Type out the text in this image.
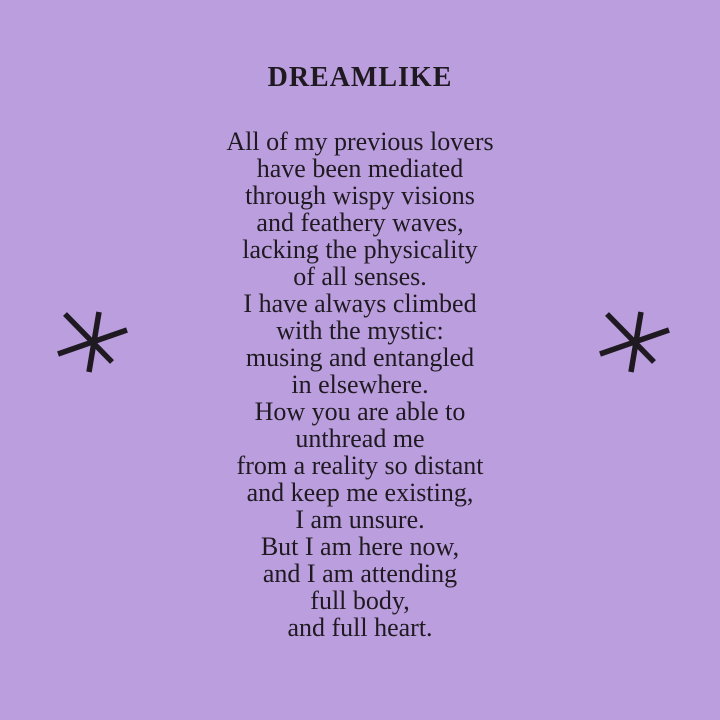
DREAMLIKE
All of my previous lovers
have been mediated
through wispy visions
and feathery waves,
lacking the physicality
of all senses.
I have always climbed
with the mystic:
musing and entangled
in elsewhere.
How you are able to
unthread me
from a reality so distant
and keep me existing,
I am unsure.
But I am here now,
and I am attending
full body,
and full heart.
